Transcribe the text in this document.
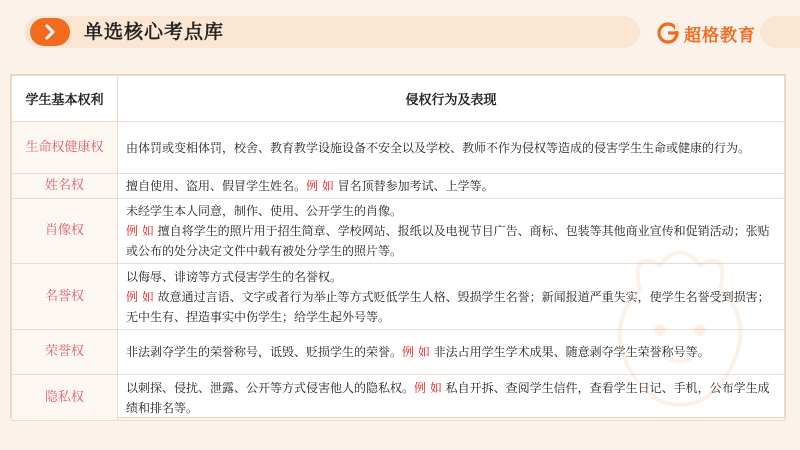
单选核心考点库	超格教育
学生基本权利	侵权行为及表现
生命权健康权	由体罚或变相体罚，校舍、教育教学设施设备不安全以及学校、教师不作为侵权等造成的侵害学生生命或健康的行为。
姓名权	擅自使用、盗用、假冒学生姓名。例 如 冒名顶替参加考试、上学等。
肖像权	未经学生本人同意，制作、使用、公开学生的肖像。
例 如 擅自将学生的照片用于招生简章、学校网站、报纸以及电视节目广告、商标、包装等其他商业宣传和促销活动；张贴或公布的处分决定文件中载有被处分学生的照片等。
名誉权	以侮辱、诽谤等方式侵害学生的名誉权。
例 如 故意通过言语、文字或者行为举止等方式贬低学生人格、毁损学生名誉；新闻报道严重失实，使学生名誉受到损害；无中生有、捏造事实中伤学生；给学生起外号等。
荣誉权	非法剥夺学生的荣誉称号，诋毁、贬损学生的荣誉。例 如 非法占用学生学术成果、随意剥夺学生荣誉称号等。
隐私权	以刺探、侵扰、泄露、公开等方式侵害他人的隐私权。例 如 私自开拆、查阅学生信件，查看学生日记、手机，公布学生成绩和排名等。
